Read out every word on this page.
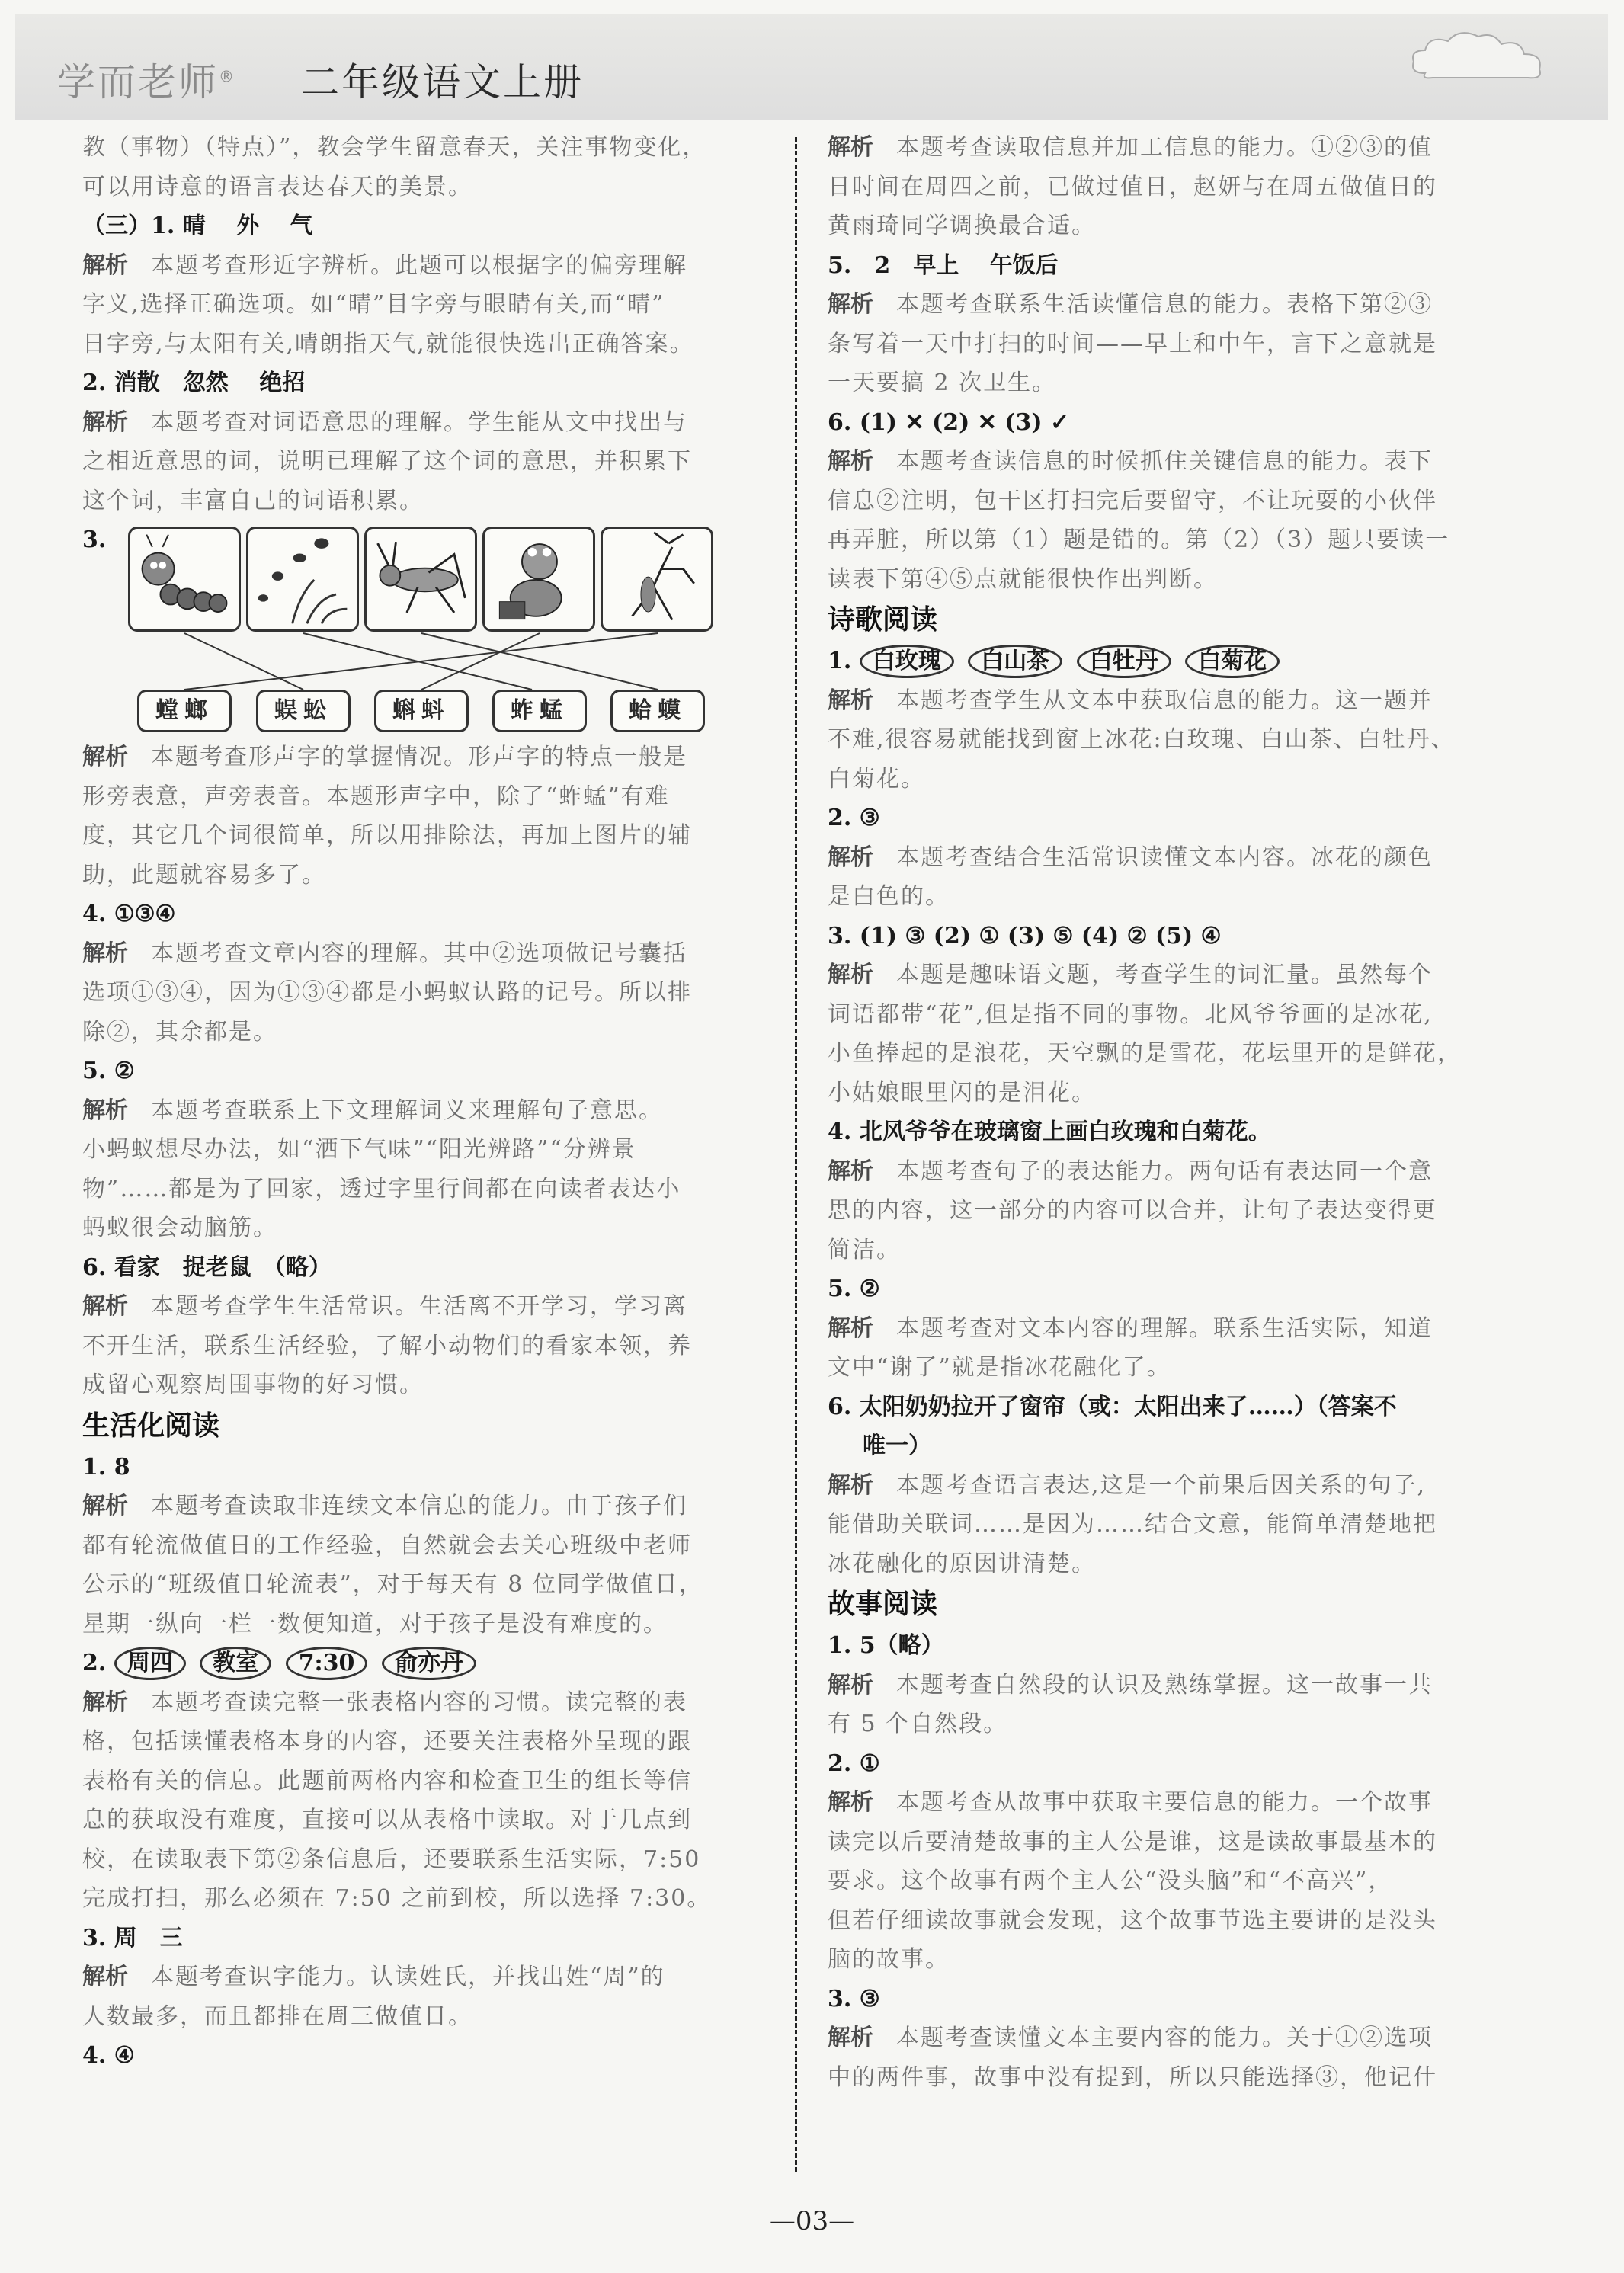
学而老师® 二年级语文上册
教（事物）（特点）”，教会学生留意春天，关注事物变化，
可以用诗意的语言表达春天的美景。
（三）1. 晴　 外　 气
解析 本题考查形近字辨析。此题可以根据字的偏旁理解
字义,选择正确选项。如“晴”目字旁与眼睛有关,而“晴”
日字旁,与太阳有关,晴朗指天气,就能很快选出正确答案。
2. 消散　忽然　 绝招
解析 本题考查对词语意思的理解。学生能从文中找出与
之相近意思的词，说明已理解了这个词的意思，并积累下
这个词，丰富自己的词语积累。
3.
螳螂	蜈蚣	蝌蚪	蚱蜢	蛤蟆
解析 本题考查形声字的掌握情况。形声字的特点一般是
形旁表意，声旁表音。本题形声字中，除了“蚱蜢”有难
度，其它几个词很简单，所以用排除法，再加上图片的辅
助，此题就容易多了。
4. ①③④
解析 本题考查文章内容的理解。其中②选项做记号囊括
选项①③④，因为①③④都是小蚂蚁认路的记号。所以排
除②，其余都是。
5. ②
解析 本题考查联系上下文理解词义来理解句子意思。
小蚂蚁想尽办法，如“洒下气味”“阳光辨路”“分辨景
物”……都是为了回家，透过字里行间都在向读者表达小
蚂蚁很会动脑筋。
6. 看家　捉老鼠　（略）
解析 本题考查学生生活常识。生活离不开学习，学习离
不开生活，联系生活经验，了解小动物们的看家本领，养
成留心观察周围事物的好习惯。
生活化阅读
1. 8
解析 本题考查读取非连续文本信息的能力。由于孩子们
都有轮流做值日的工作经验，自然就会去关心班级中老师
公示的“班级值日轮流表”，对于每天有 8 位同学做值日，
星期一纵向一栏一数便知道，对于孩子是没有难度的。
2. 周四 教室 7:30 俞亦丹
解析 本题考查读完整一张表格内容的习惯。读完整的表
格，包括读懂表格本身的内容，还要关注表格外呈现的跟
表格有关的信息。此题前两格内容和检查卫生的组长等信
息的获取没有难度，直接可以从表格中读取。对于几点到
校，在读取表下第②条信息后，还要联系生活实际，7:50
完成打扫，那么必须在 7:50 之前到校，所以选择 7:30。
3. 周　三
解析 本题考查识字能力。认读姓氏，并找出姓“周”的
人数最多，而且都排在周三做值日。
4. ④
解析 本题考查读取信息并加工信息的能力。①②③的值
日时间在周四之前，已做过值日，赵妍与在周五做值日的
黄雨琦同学调换最合适。
5.　2　早上　 午饭后
解析 本题考查联系生活读懂信息的能力。表格下第②③
条写着一天中打扫的时间——早上和中午，言下之意就是
一天要搞 2 次卫生。
6. (1) ✕ (2) ✕ (3) ✓
解析 本题考查读信息的时候抓住关键信息的能力。表下
信息②注明，包干区打扫完后要留守，不让玩耍的小伙伴
再弄脏，所以第（1）题是错的。第（2）（3）题只要读一
读表下第④⑤点就能很快作出判断。
诗歌阅读
1. 白玫瑰 白山茶 白牡丹 白菊花
解析 本题考查学生从文本中获取信息的能力。这一题并
不难,很容易就能找到窗上冰花:白玫瑰、白山茶、白牡丹、
白菊花。
2. ③
解析 本题考查结合生活常识读懂文本内容。冰花的颜色
是白色的。
3. (1) ③ (2) ① (3) ⑤ (4) ② (5) ④
解析 本题是趣味语文题，考查学生的词汇量。虽然每个
词语都带“花”,但是指不同的事物。北风爷爷画的是冰花,
小鱼捧起的是浪花，天空飘的是雪花，花坛里开的是鲜花，
小姑娘眼里闪的是泪花。
4. 北风爷爷在玻璃窗上画白玫瑰和白菊花。
解析 本题考查句子的表达能力。两句话有表达同一个意
思的内容，这一部分的内容可以合并，让句子表达变得更
简洁。
5. ②
解析 本题考查对文本内容的理解。联系生活实际，知道
文中“谢了”就是指冰花融化了。
6. 太阳奶奶拉开了窗帘（或：太阳出来了……）（答案不
唯一）
解析 本题考查语言表达,这是一个前果后因关系的句子,
能借助关联词……是因为……结合文意，能简单清楚地把
冰花融化的原因讲清楚。
故事阅读
1. 5（略）
解析 本题考查自然段的认识及熟练掌握。这一故事一共
有 5 个自然段。
2. ①
解析 本题考查从故事中获取主要信息的能力。一个故事
读完以后要清楚故事的主人公是谁，这是读故事最基本的
要求。这个故事有两个主人公“没头脑”和“不高兴”，
但若仔细读故事就会发现，这个故事节选主要讲的是没头
脑的故事。
3. ③
解析 本题考查读懂文本主要内容的能力。关于①②选项
中的两件事，故事中没有提到，所以只能选择③，他记什
—03—
